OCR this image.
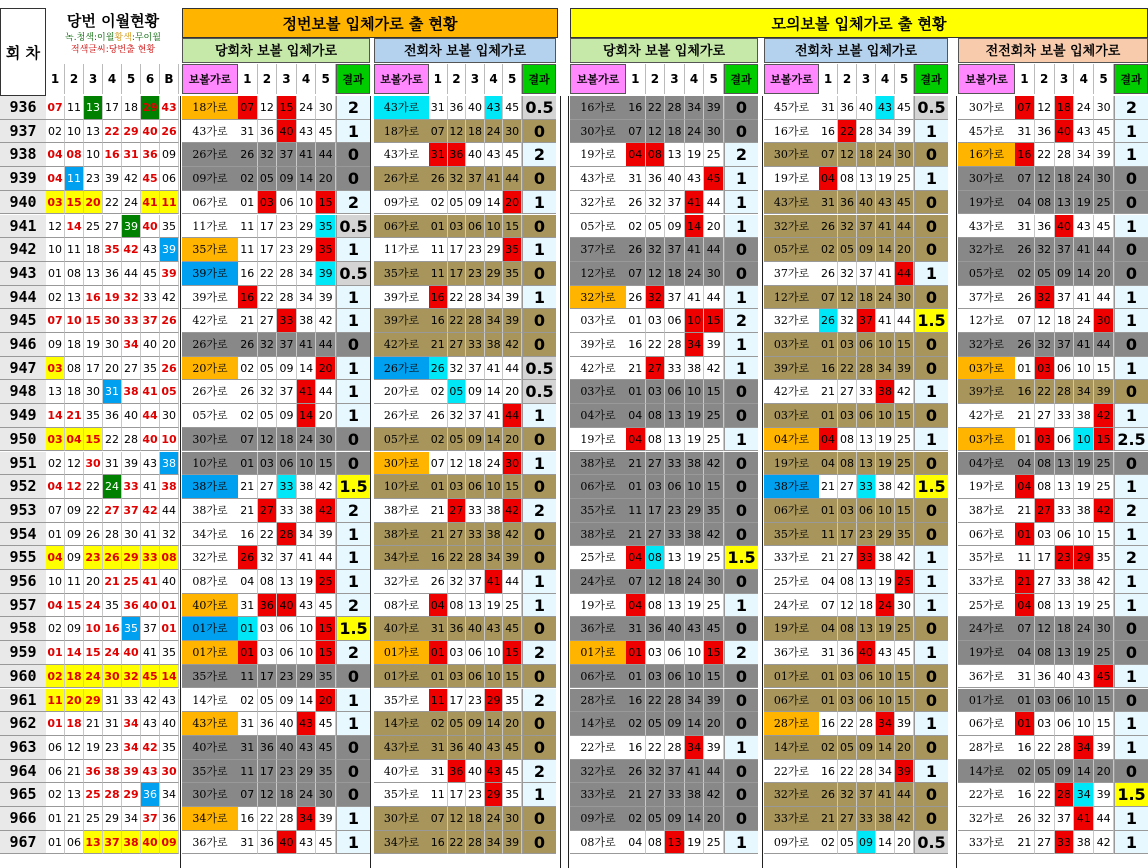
회 차
당번 이월현황
녹.청색:이월황색:무이월
적색글씨:당번출 현황
정번보볼 입체가로 출 현황	모의보볼 입체가로 출 현황
1 2 3 4 5 6 B
당회차 보볼 입체가로
보볼가로 1 2 3 4 5	결과
전회차 보볼 입체가로
보볼가로 1 2 3 4 5	결과
당회차 보볼 입체가로
보볼가로 1 2 3 4 5	결과
전회차 보볼 입체가로
보볼가로 1 2 3 4 5	결과
전전회차 보볼 입체가로
보볼가로	1 2 3 4 5	결과
936 07 11 13 17 18 29 43	18가로	07 12 15 24 30 2	43가로	31 36 40 43 45 0.5	16가로	16 22 28 34 39 0	45가로	31 36 40 43 45 0.5	30가로	07 12 18 24 30 2
937	02 10 13 22 29 40 26	43가로	31 36 40 43 45 1	18가로	07 12 18 24 30 0	30가로	07 12 18 24 30 0	16가로	16 22 28 34 39 1	45가로	31 36 40 43 45 1
938 04 08 10 16 31 36 09	26가로	26 32 37 41 44 0	43가로	31 36 40 43 45 2	19가로	04 08 13 19 25 2	30가로	07 12 18 24 30 0	16가로	16 22 28 34 39 1
939 04 11 23 39 42 45 06	09가로	02 05 09 14 20 0	26가로	26 32 37 41 44 0	43가로	31 36 40 43 45 1	19가로	04 08 13 19 25 1	30가로	07 12 18 24 30 0
940 03 15 20 22 24 41 11	06가로	01 03 06 10 15 2	09가로	02 05 09 14 20 1	32가로	26 32 37 41 44 1	43가로	31 36 40 43 45 0	19가로	04 08 13 19 25 0
941	12 14 25 27 39 40 35	11가로	11 17 23 29 35 0.5	06가로	01 03 06 10 15 0	05가로	02 05 09 14 20 1	32가로	26 32 37 41 44 0	43가로	31 36 40 43 45 1
942	10 11 18 35 42 43 39	35가로	11 17 23 29 35 1	11가로	11 17 23 29 35 1	37가로	26 32 37 41 44 0	05가로	02 05 09 14 20 0	32가로	26 32 37 41 44 0
943	01 08 13 36 44 45 39	39가로	16 22 28 34 39 0.5	35가로	11 17 23 29 35 0	12가로	07 12 18 24 30 0	37가로	26 32 37 41 44 1	05가로	02 05 09 14 20 0
944	02 13 16 19 32 33 42	39가로	16 22 28 34 39 1	39가로	16 22 28 34 39 1	32가로	26 32 37 41 44 1	12가로	07 12 18 24 30 0	37가로	26 32 37 41 44 1
945 07 10 15 30 33 37 26	42가로	21 27 33 38 42 1	39가로	16 22 28 34 39 0	03가로	01 03 06 10 15 2	32가로	26 32 37 41 44 1.5	12가로	07 12 18 24 30 1
946	09 18 19 30 34 40 20	26가로	26 32 37 41 44 0	42가로	21 27 33 38 42 0	39가로	16 22 28 34 39 1	03가로	01 03 06 10 15 0	32가로	26 32 37 41 44 0
947 03 08 17 20 27 35 26	20가로	02 05 09 14 20 1	26가로	26 32 37 41 44 0.5	42가로	21 27 33 38 42 1	39가로	16 22 28 34 39 0	03가로	01 03 06 10 15 1
948	13 18 30 31 38 41 05	26가로	26 32 37 41 44 1	20가로	02 05 09 14 20 0.5	03가로	01 03 06 10 15 0	42가로	21 27 33 38 42 1	39가로	16 22 28 34 39 0
949 14 21 35 36 40 44 30	05가로	02 05 09 14 20 1	26가로	26 32 37 41 44 1	04가로	04 08 13 19 25 0	03가로	01 03 06 10 15 0	42가로	21 27 33 38 42 1
950 03 04 15 22 28 40 10	30가로	07 12 18 24 30 0	05가로	02 05 09 14 20 0	19가로	04 08 13 19 25 1	04가로	04 08 13 19 25 1	03가로	01 03 06 10 15 2.5
951	02 12 30 31 39 43 38	10가로	01 03 06 10 15 0	30가로	07 12 18 24 30 1	38가로	21 27 33 38 42 0	19가로	04 08 13 19 25 0	04가로	04 08 13 19 25 0
952 04 12 22 24 33 41 38	38가로	21 27 33 38 42 1.5	10가로	01 03 06 10 15 0	06가로	01 03 06 10 15 0	38가로	21 27 33 38 42 1.5	19가로	04 08 13 19 25 1
953	07 09 22 27 37 42 44	38가로	21 27 33 38 42 2	38가로	21 27 33 38 42 2	35가로	11 17 23 29 35 0	06가로	01 03 06 10 15 0	38가로	21 27 33 38 42 2
954	01 09 26 28 30 41 32	34가로	16 22 28 34 39 1	38가로	21 27 33 38 42 0	38가로	21 27 33 38 42 0	35가로	11 17 23 29 35 0	06가로	01 03 06 10 15 1
955 04 09 23 26 29 33 08	32가로	26 32 37 41 44 1	34가로	16 22 28 34 39 0	25가로	04 08 13 19 25 1.5	33가로	21 27 33 38 42 1	35가로	11 17 23 29 35 2
956	10 11 20 21 25 41 40	08가로	04 08 13 19 25 1	32가로	26 32 37 41 44 1	24가로	07 12 18 24 30 0	25가로	04 08 13 19 25 1	33가로	21 27 33 38 42 1
957 04 15 24 35 36 40 01	40가로	31 36 40 43 45 2	08가로	04 08 13 19 25 1	19가로	04 08 13 19 25 1	24가로	07 12 18 24 30 1	25가로	04 08 13 19 25 1
958	02 09 10 16 35 37 01	01가로	01 03 06 10 15 1.5	40가로	31 36 40 43 45 0	36가로	31 36 40 43 45 0	19가로	04 08 13 19 25 0	24가로	07 12 18 24 30 0
959 01 14 15 24 40 41 35	01가로	01 03 06 10 15 2	01가로	01 03 06 10 15 2	01가로	01 03 06 10 15 2	36가로	31 36 40 43 45 1	19가로	04 08 13 19 25 0
960 02 18 24 30 32 45 14	35가로	11 17 23 29 35 0	01가로	01 03 06 10 15 0	06가로	01 03 06 10 15 0	01가로	01 03 06 10 15 0	36가로	31 36 40 43 45 1
961 11 20 29 31 33 42 43	14가로	02 05 09 14 20 1	35가로	11 17 23 29 35 2	28가로	16 22 28 34 39 0	06가로	01 03 06 10 15 0	01가로	01 03 06 10 15 0
962 01 18 21 31 34 43 40	43가로	31 36 40 43 45 1	14가로	02 05 09 14 20 0	14가로	02 05 09 14 20 0	28가로	16 22 28 34 39 1	06가로	01 03 06 10 15 1
963	06 12 19 23 34 42 35	40가로	31 36 40 43 45 0	43가로	31 36 40 43 45 0	22가로	16 22 28 34 39 1	14가로	02 05 09 14 20 0	28가로	16 22 28 34 39 1
964	06 21 36 38 39 43 30	35가로	11 17 23 29 35 0	40가로	31 36 40 43 45 2	32가로	26 32 37 41 44 0	22가로	16 22 28 34 39 1	14가로	02 05 09 14 20 0
965	02 13 25 28 29 36 34	30가로	07 12 18 24 30 0	35가로	11 17 23 29 35 1	33가로	21 27 33 38 42 0	32가로	26 32 37 41 44 0	22가로	16 22 28 34 39 1.5
966	01 21 25 29 34 37 36	34가로	16 22 28 34 39 1	30가로	07 12 18 24 30 0	09가로	02 05 09 14 20 0	33가로	21 27 33 38 42 0	32가로	26 32 37 41 44 1
967	01 06 13 37 38 40 09	36가로	31 36 40 43 45 1	34가로	16 22 28 34 39 0	08가로	04 08 13 19 25 1	09가로	02 05 09 14 20 0.5	33가로	21 27 33 38 42 1
